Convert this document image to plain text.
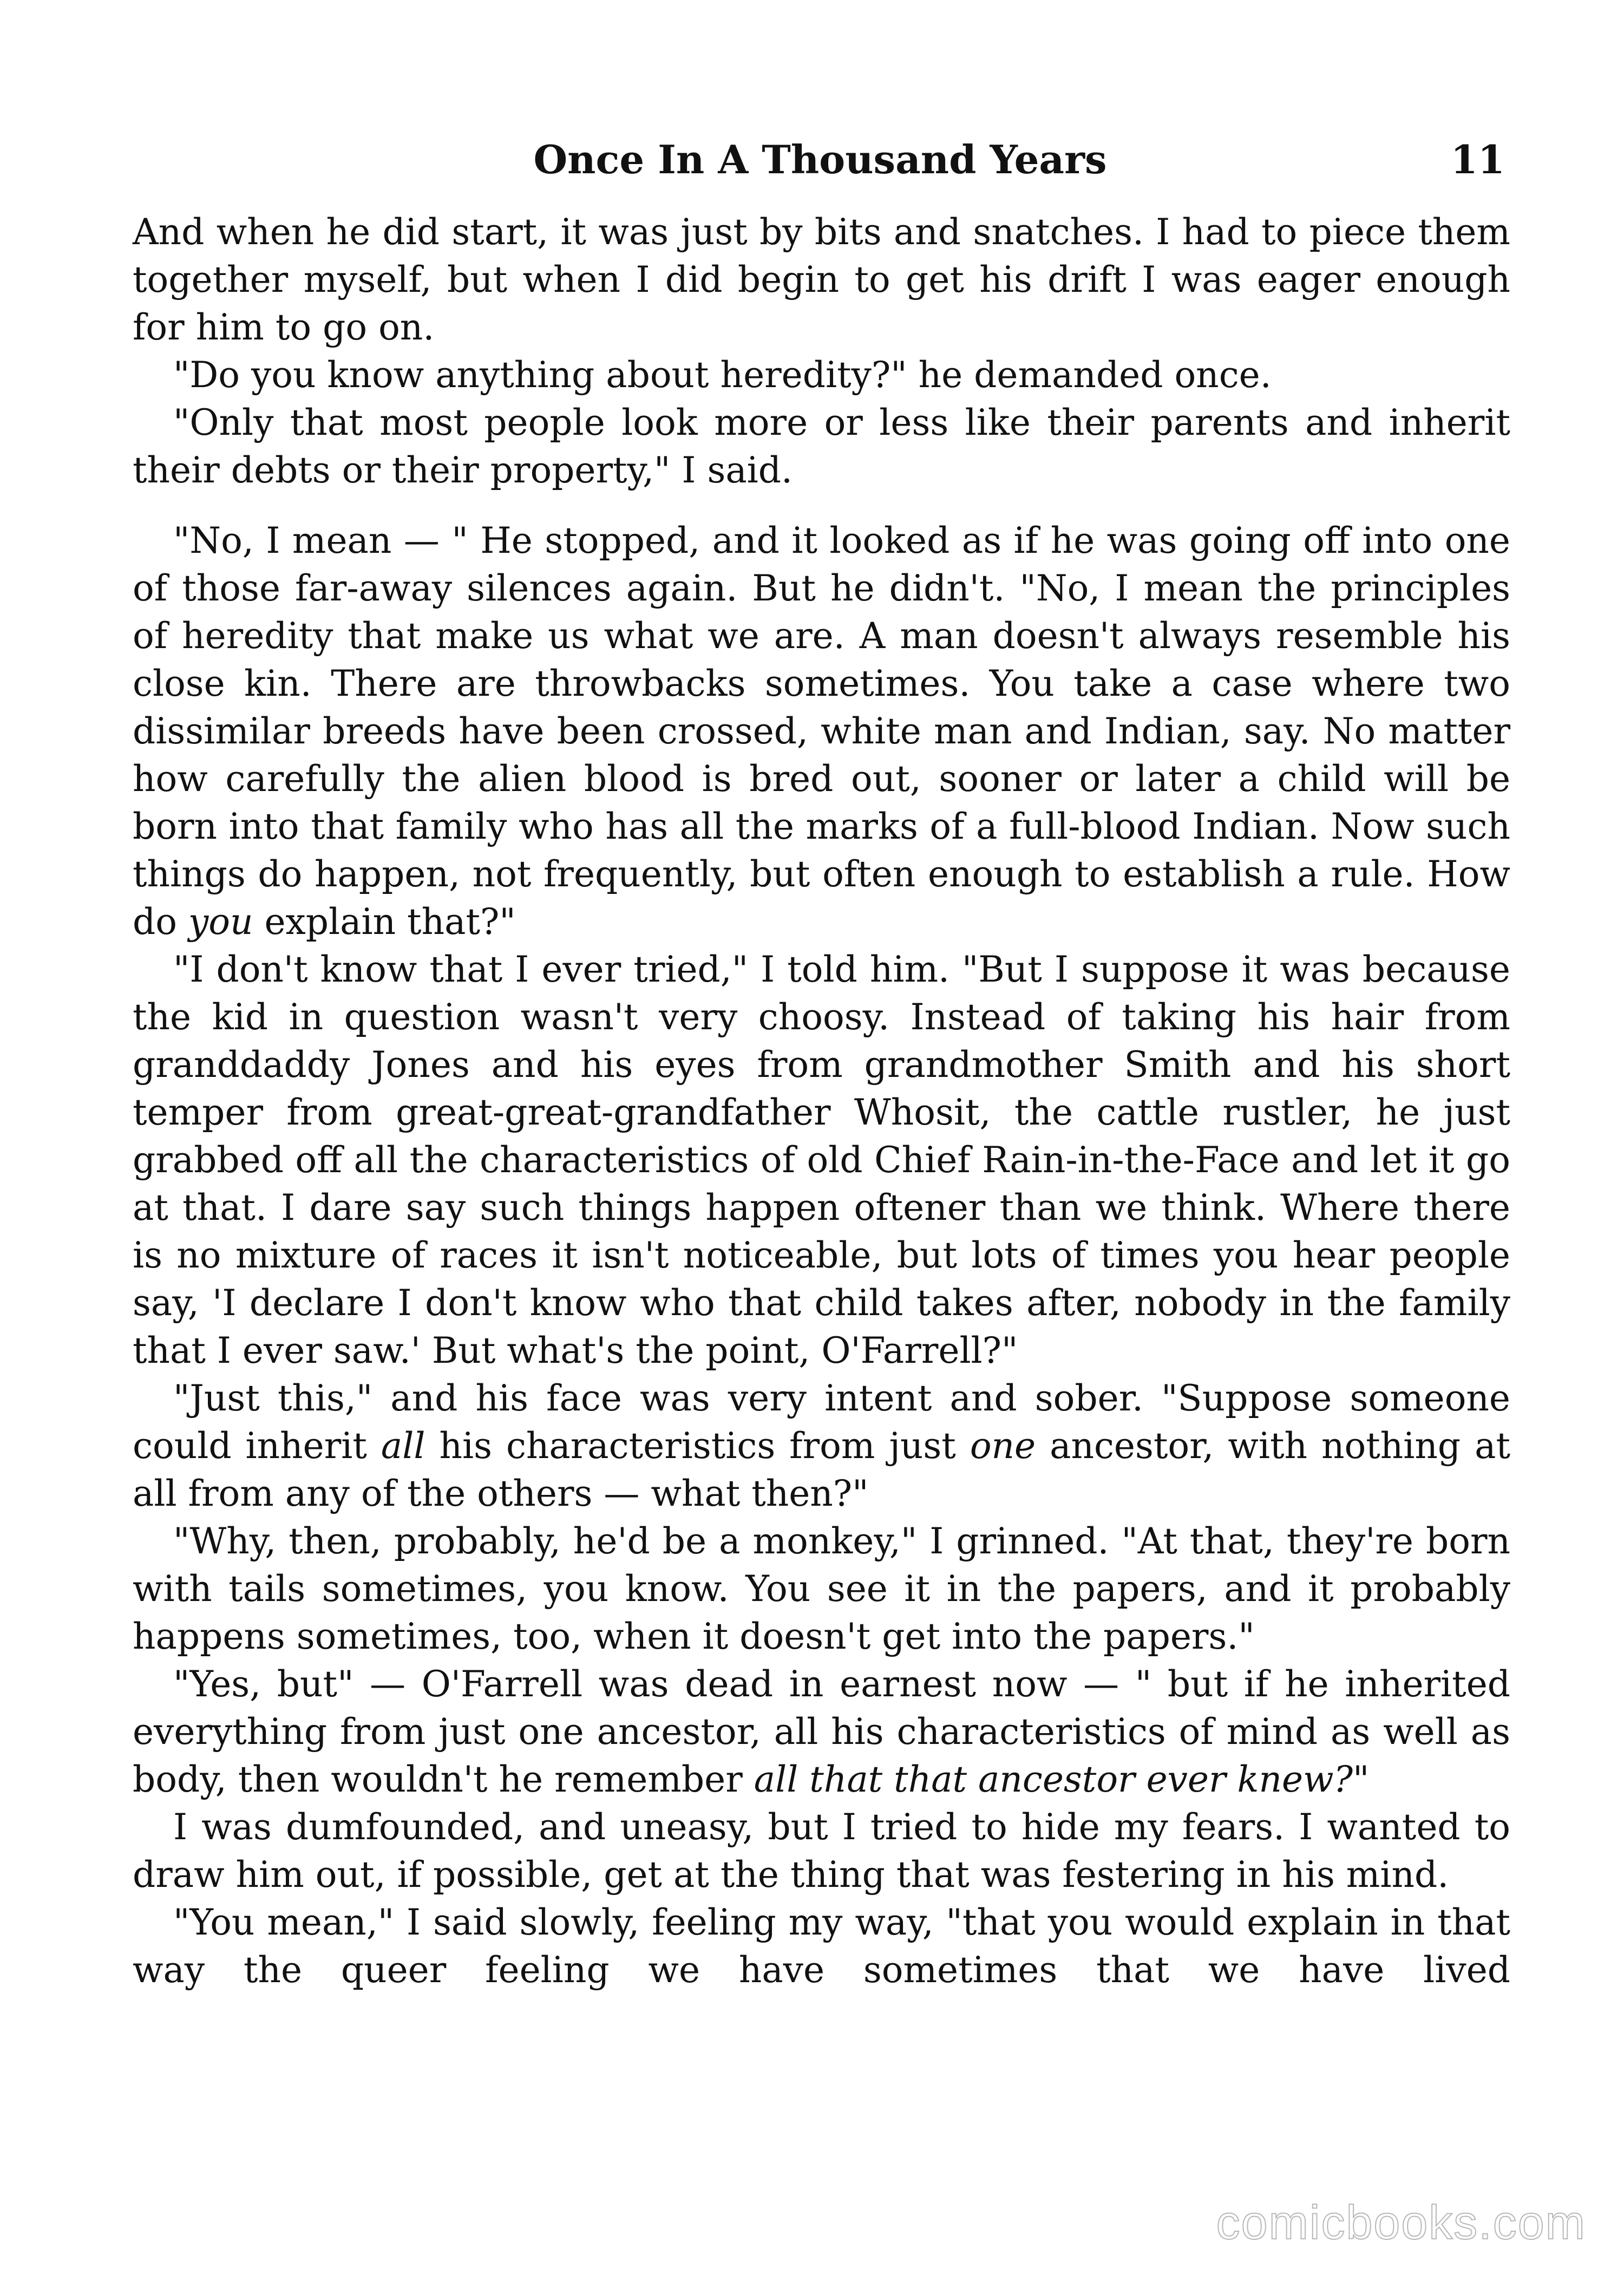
Once In A Thousand Years	11

And when he did start, it was just by bits and snatches. I had to piece them together myself, but when I did begin to get his drift I was eager enough for him to go on.

"Do you know anything about heredity?" he demanded once.

"Only that most people look more or less like their parents and inherit their debts or their property," I said.

"No, I mean — " He stopped, and it looked as if he was going off into one of those far-away silences again. But he didn't. "No, I mean the principles of heredity that make us what we are. A man doesn't always resemble his close kin. There are throwbacks sometimes. You take a case where two dissimilar breeds have been crossed, white man and Indian, say. No matter how carefully the alien blood is bred out, sooner or later a child will be born into that family who has all the marks of a full-blood Indian. Now such things do happen, not frequently, but often enough to establish a rule. How do you explain that?"

"I don't know that I ever tried," I told him. "But I suppose it was because the kid in question wasn't very choosy. Instead of taking his hair from granddaddy Jones and his eyes from grandmother Smith and his short temper from great-great-grandfather Whosit, the cattle rustler, he just grabbed off all the characteristics of old Chief Rain-in-the-Face and let it go at that. I dare say such things happen oftener than we think. Where there is no mixture of races it isn't noticeable, but lots of times you hear people say, 'I declare I don't know who that child takes after, nobody in the family that I ever saw.' But what's the point, O'Farrell?"

"Just this," and his face was very intent and sober. "Suppose someone could inherit all his characteristics from just one ancestor, with nothing at all from any of the others — what then?"

"Why, then, probably, he'd be a monkey," I grinned. "At that, they're born with tails sometimes, you know. You see it in the papers, and it probably happens sometimes, too, when it doesn't get into the papers."

"Yes, but" — O'Farrell was dead in earnest now — " but if he inherited everything from just one ancestor, all his characteristics of mind as well as body, then wouldn't he remember all that that ancestor ever knew?"

I was dumfounded, and uneasy, but I tried to hide my fears. I wanted to draw him out, if possible, get at the thing that was festering in his mind.

"You mean," I said slowly, feeling my way, "that you would explain in that way the queer feeling we have sometimes that we have lived

comicbooks.com
